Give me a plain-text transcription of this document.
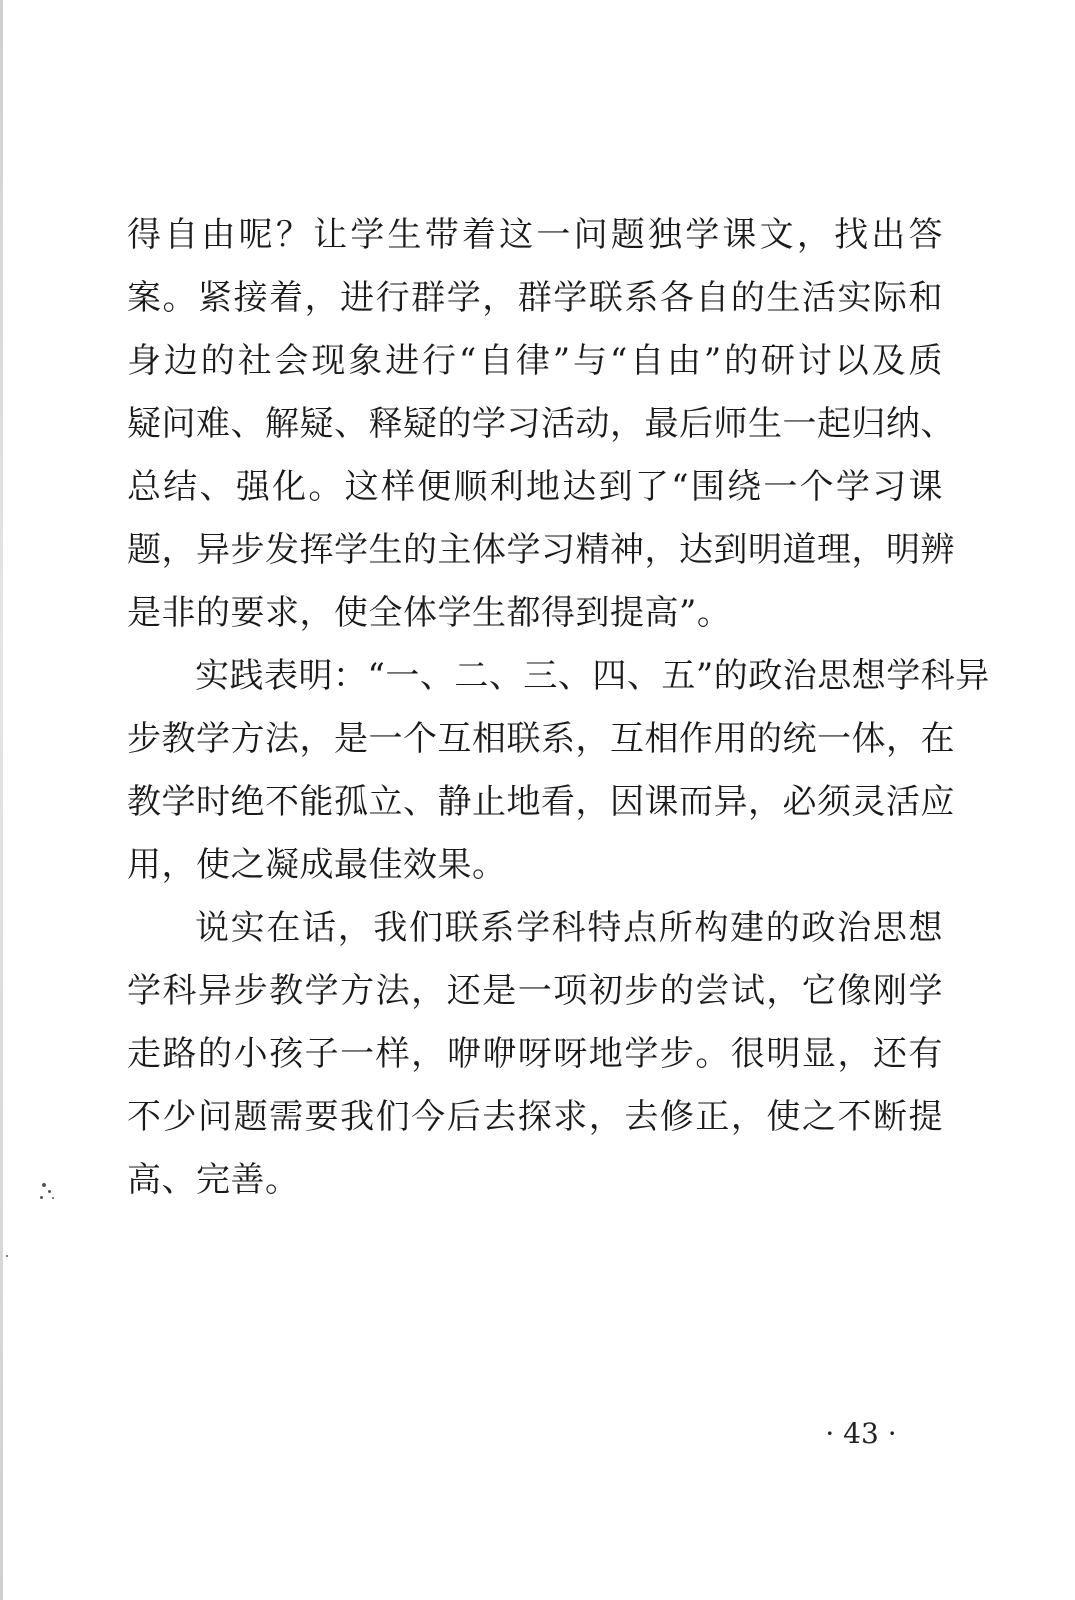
得自由呢？让学生带着这一问题独学课文，找出答
案。紧接着，进行群学，群学联系各自的生活实际和
身边的社会现象进行“自律”与“自由”的研讨以及质
疑问难、解疑、释疑的学习活动，最后师生一起归纳、
总结、强化。这样便顺利地达到了“围绕一个学习课
题，异步发挥学生的主体学习精神，达到明道理，明辨
是非的要求，使全体学生都得到提高”。
实践表明：“一、二、三、四、五”的政治思想学科异
步教学方法，是一个互相联系，互相作用的统一体，在
教学时绝不能孤立、静止地看，因课而异，必须灵活应
用，使之凝成最佳效果。
说实在话，我们联系学科特点所构建的政治思想
学科异步教学方法，还是一项初步的尝试，它像刚学
走路的小孩子一样，咿咿呀呀地学步。很明显，还有
不少问题需要我们今后去探求，去修正，使之不断提
高、完善。
· 43 ·
